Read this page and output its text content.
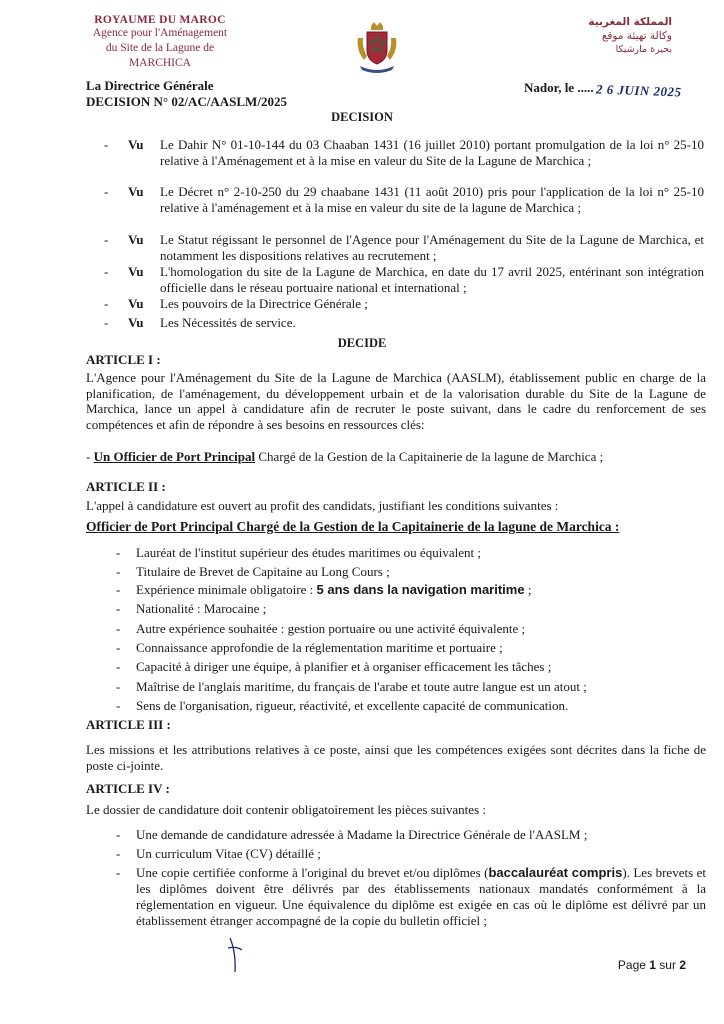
ROYAUME DU MAROC
Agence pour l'Aménagement
du Site de la Lagune de
MARCHICA
المملكة المغربية
وكالة تهيئة موقع
بحيرة مارشيكا
La Directrice Générale
DECISION N° 02/AC/AASLM/2025
Nador, le ..... 2 6 JUIN 2025
DECISION
- Vu Le Dahir N° 01-10-144 du 03 Chaaban 1431 (16 juillet 2010) portant promulgation de la loi n° 25-10 relative à l'Aménagement et à la mise en valeur du Site de la Lagune de Marchica ;
- Vu Le Décret n° 2-10-250 du 29 chaabane 1431 (11 août 2010) pris pour l'application de la loi n° 25-10 relative à l'aménagement et à la mise en valeur du site de la lagune de Marchica ;
- Vu Le Statut régissant le personnel de l'Agence pour l'Aménagement du Site de la Lagune de Marchica, et notamment les dispositions relatives au recrutement ;
- Vu L'homologation du site de la Lagune de Marchica, en date du 17 avril 2025, entérinant son intégration officielle dans le réseau portuaire national et international ;
- Vu Les pouvoirs de la Directrice Générale ;
- Vu Les Nécessités de service.
DECIDE
ARTICLE I :
L'Agence pour l'Aménagement du Site de la Lagune de Marchica (AASLM), établissement public en charge de la planification, de l'aménagement, du développement urbain et de la valorisation durable du Site de la Lagune de Marchica, lance un appel à candidature afin de recruter le poste suivant, dans le cadre du renforcement de ses compétences et afin de répondre à ses besoins en ressources clés:
- Un Officier de Port Principal Chargé de la Gestion de la Capitainerie de la lagune de Marchica ;
ARTICLE II :
L'appel à candidature est ouvert au profit des candidats, justifiant les conditions suivantes :
Officier de Port Principal Chargé de la Gestion de la Capitainerie de la lagune de Marchica :
- Lauréat de l'institut supérieur des études maritimes ou équivalent ;
- Titulaire de Brevet de Capitaine au Long Cours ;
- Expérience minimale obligatoire : 5 ans dans la navigation maritime ;
- Nationalité : Marocaine ;
- Autre expérience souhaitée : gestion portuaire ou une activité équivalente ;
- Connaissance approfondie de la réglementation maritime et portuaire ;
- Capacité à diriger une équipe, à planifier et à organiser efficacement les tâches ;
- Maîtrise de l'anglais maritime, du français de l'arabe et toute autre langue est un atout ;
- Sens de l'organisation, rigueur, réactivité, et excellente capacité de communication.
ARTICLE III :
Les missions et les attributions relatives à ce poste, ainsi que les compétences exigées sont décrites dans la fiche de poste ci-jointe.
ARTICLE IV :
Le dossier de candidature doit contenir obligatoirement les pièces suivantes :
- Une demande de candidature adressée à Madame la Directrice Générale de l'AASLM ;
- Un curriculum Vitae (CV) détaillé ;
- Une copie certifiée conforme à l'original du brevet et/ou diplômes (baccalauréat compris). Les brevets et les diplômes doivent être délivrés par des établissements nationaux mandatés conformément à la réglementation en vigueur. Une équivalence du diplôme est exigée en cas où le diplôme est délivré par un établissement étranger accompagné de la copie du bulletin officiel ;
Page 1 sur 2
